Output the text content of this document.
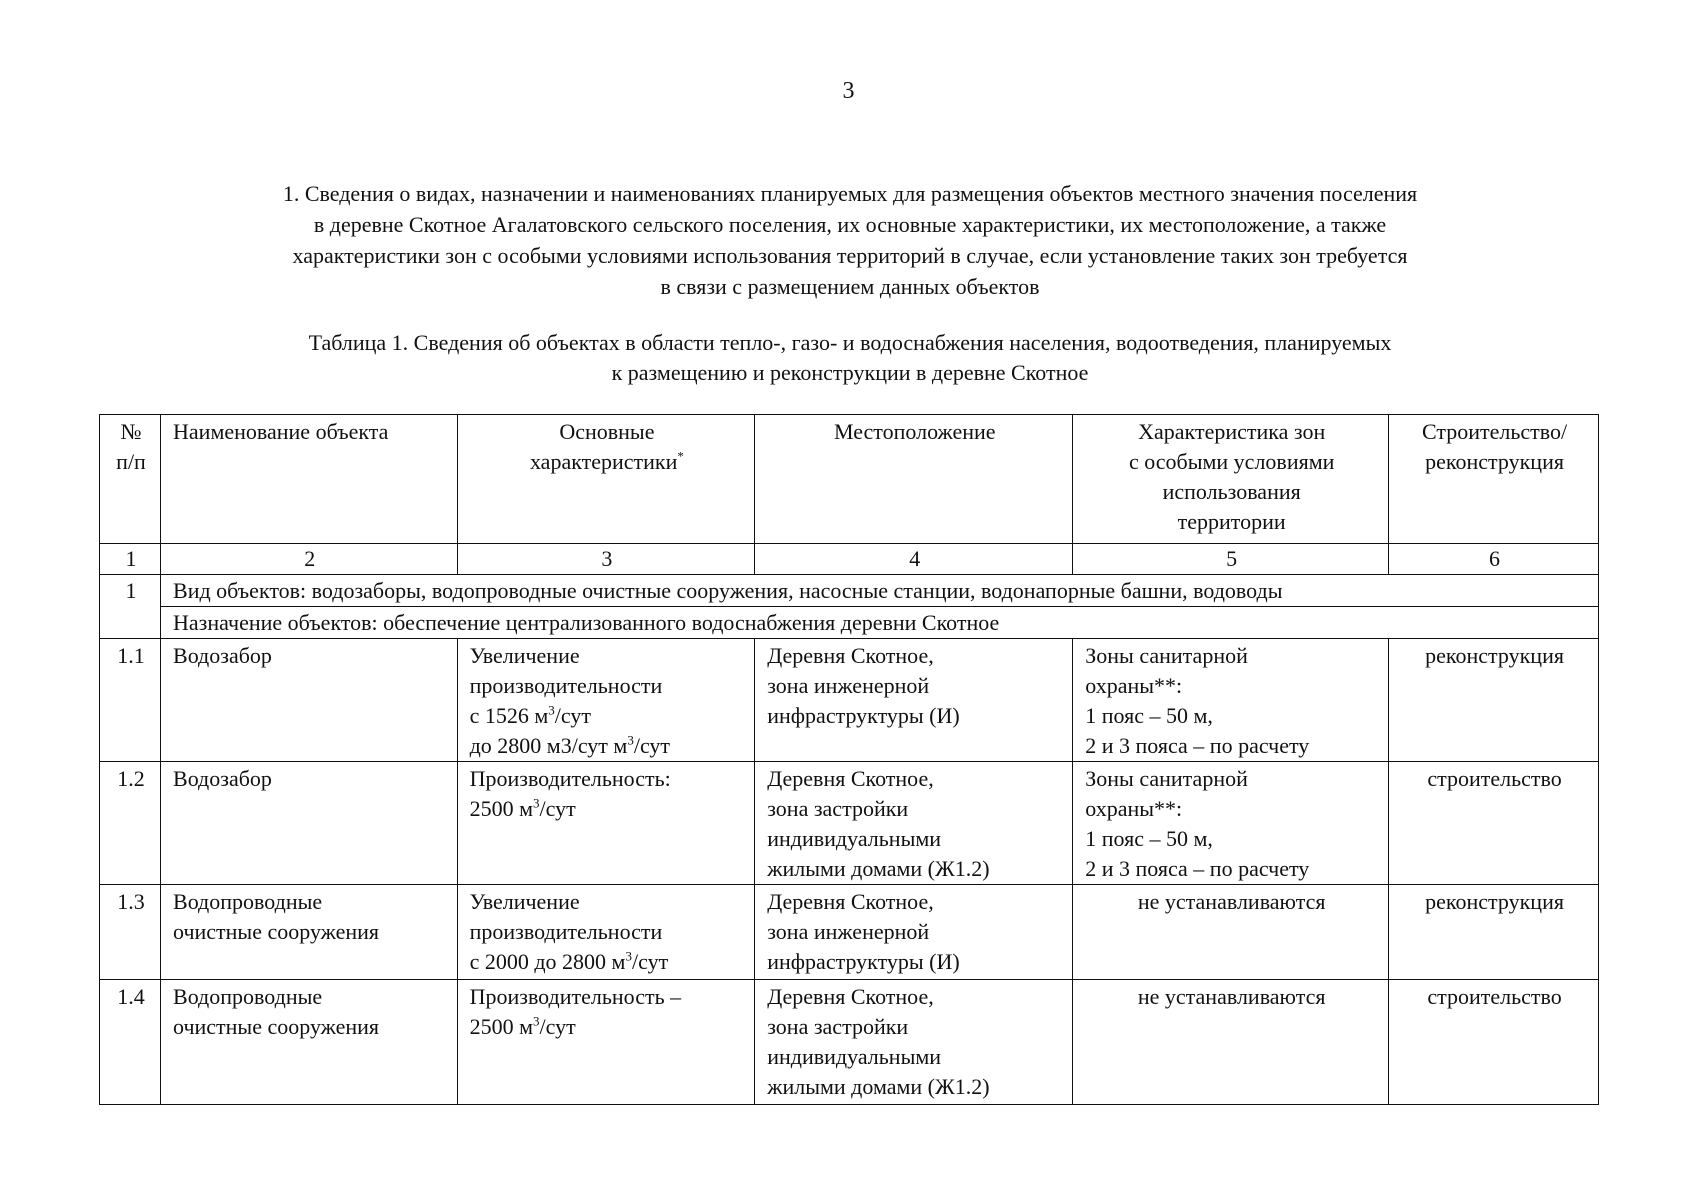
3
1. Сведения о видах, назначении и наименованиях планируемых для размещения объектов местного значения поселения
в деревне Скотное Агалатовского сельского поселения, их основные характеристики, их местоположение, а также
характеристики зон с особыми условиями использования территорий в случае, если установление таких зон требуется
в связи с размещением данных объектов
Таблица 1. Сведения об объектах в области тепло-, газо- и водоснабжения населения, водоотведения, планируемых
к размещению и реконструкции в деревне Скотное
№
п/п	Наименование объекта	Основные
характеристики*	Местоположение	Характеристика зон
с особыми условиями
использования
территории	Строительство/
реконструкция

1	2	3	4	5	6
1	Вид объектов: водозаборы, водопроводные очистные сооружения, насосные станции, водонапорные башни, водоводы				
	Назначение объектов: обеспечение централизованного водоснабжения деревни Скотное				
1.1	Водозабор	Увеличение
производительности
с 1526 $м^3$/сут
до 2800 м3/сут $м^3$/сут	Деревня Скотное,
зона инженерной
инфраструктуры (И)	Зоны санитарной
охраны**:
1 пояс – 50 м,
2 и 3 пояса – по расчету	реконструкция
1.2	Водозабор	Производительность:
2500 $м^3$/сут	Деревня Скотное,
зона застройки
индивидуальными
жилыми домами (Ж1.2)	Зоны санитарной
охраны**:
1 пояс – 50 м,
2 и 3 пояса – по расчету	строительство
1.3	Водопроводные
очистные сооружения	Увеличение
производительности
с 2000 до 2800 $м^3$/сут	Деревня Скотное,
зона инженерной
инфраструктуры (И)	не устанавливаются	реконструкция
1.4	Водопроводные
очистные сооружения	Производительность –
2500 $м^3$/сут	Деревня Скотное,
зона застройки
индивидуальными
жилыми домами (Ж1.2)	не устанавливаются	строительство
